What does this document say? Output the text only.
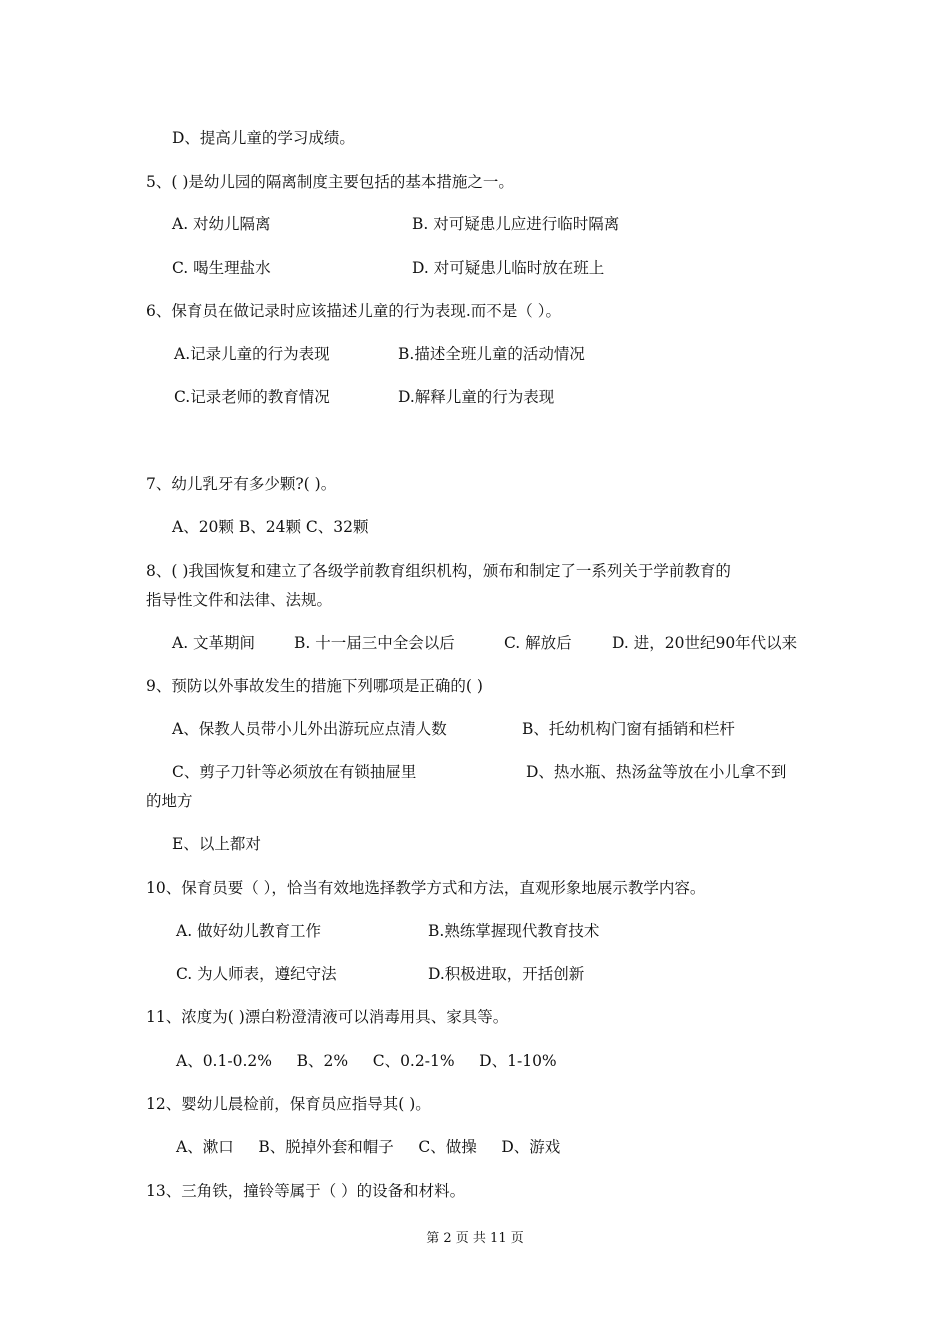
D、提高儿童的学习成绩。
5、( )是幼儿园的隔离制度主要包括的基本措施之一。
A. 对幼儿隔离	B. 对可疑患儿应进行临时隔离
C. 喝生理盐水	D. 对可疑患儿临时放在班上
6、保育员在做记录时应该描述儿童的行为表现.而不是（ ）。
A.记录儿童的行为表现	B.描述全班儿童的活动情况
C.记录老师的教育情况	D.解释儿童的行为表现
7、幼儿乳牙有多少颗?( )。
A、20颗 B、24颗 C、32颗
8、( )我国恢复和建立了各级学前教育组织机构，颁布和制定了一系列关于学前教育的
指导性文件和法律、法规。
A. 文革期间	B. 十一届三中全会以后	C. 解放后	D. 进，20世纪90年代以来
9、预防以外事故发生的措施下列哪项是正确的( )
A、保教人员带小儿外出游玩应点清人数	B、托幼机构门窗有插销和栏杆
C、剪子刀针等必须放在有锁抽屉里	D、热水瓶、热汤盆等放在小儿拿不到
的地方
E、以上都对
10、保育员要（ ），恰当有效地选择教学方式和方法，直观形象地展示教学内容。
A. 做好幼儿教育工作	B.熟练掌握现代教育技术
C. 为人师表，遵纪守法	D.积极进取，开括创新
11、浓度为( )漂白粉澄清液可以消毒用具、家具等。
A、0.1-0.2%     B、2%     C、0.2-1%     D、1-10%
12、婴幼儿晨检前，保育员应指导其( )。
A、漱口     B、脱掉外套和帽子     C、做操     D、游戏
13、三角铁，撞铃等属于（ ）的设备和材料。
第 2 页 共 11 页
